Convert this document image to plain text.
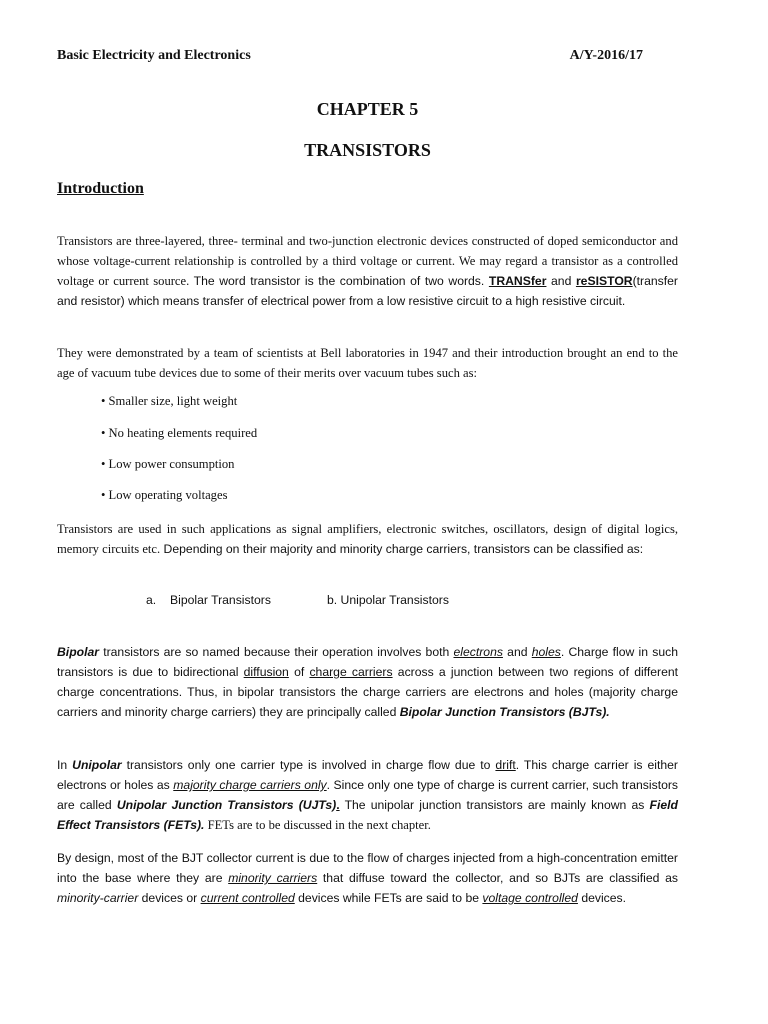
Basic Electricity and Electronics	A/Y-2016/17
CHAPTER 5
TRANSISTORS
Introduction
Transistors are three-layered, three- terminal and two-junction electronic devices constructed of doped semiconductor and whose voltage-current relationship is controlled by a third voltage or current. We may regard a transistor as a controlled voltage or current source. The word transistor is the combination of two words. TRANSfer and reSISTOR(transfer and resistor) which means transfer of electrical power from a low resistive circuit to a high resistive circuit.
They were demonstrated by a team of scientists at Bell laboratories in 1947 and their introduction brought an end to the age of vacuum tube devices due to some of their merits over vacuum tubes such as:
• Smaller size, light weight
• No heating elements required
• Low power consumption
• Low operating voltages
Transistors are used in such applications as signal amplifiers, electronic switches, oscillators, design of digital logics, memory circuits etc. Depending on their majority and minority charge carriers, transistors can be classified as:
a. Bipolar Transistors	b. Unipolar Transistors
Bipolar transistors are so named because their operation involves both electrons and holes. Charge flow in such transistors is due to bidirectional diffusion of charge carriers across a junction between two regions of different charge concentrations. Thus, in bipolar transistors the charge carriers are electrons and holes (majority charge carriers and minority charge carriers) they are principally called Bipolar Junction Transistors (BJTs).
In Unipolar transistors only one carrier type is involved in charge flow due to drift. This charge carrier is either electrons or holes as majority charge carriers only. Since only one type of charge is current carrier, such transistors are called Unipolar Junction Transistors (UJTs). The unipolar junction transistors are mainly known as Field Effect Transistors (FETs). FETs are to be discussed in the next chapter.
By design, most of the BJT collector current is due to the flow of charges injected from a high-concentration emitter into the base where they are minority carriers that diffuse toward the collector, and so BJTs are classified as minority-carrier devices or current controlled devices while FETs are said to be voltage controlled devices.
